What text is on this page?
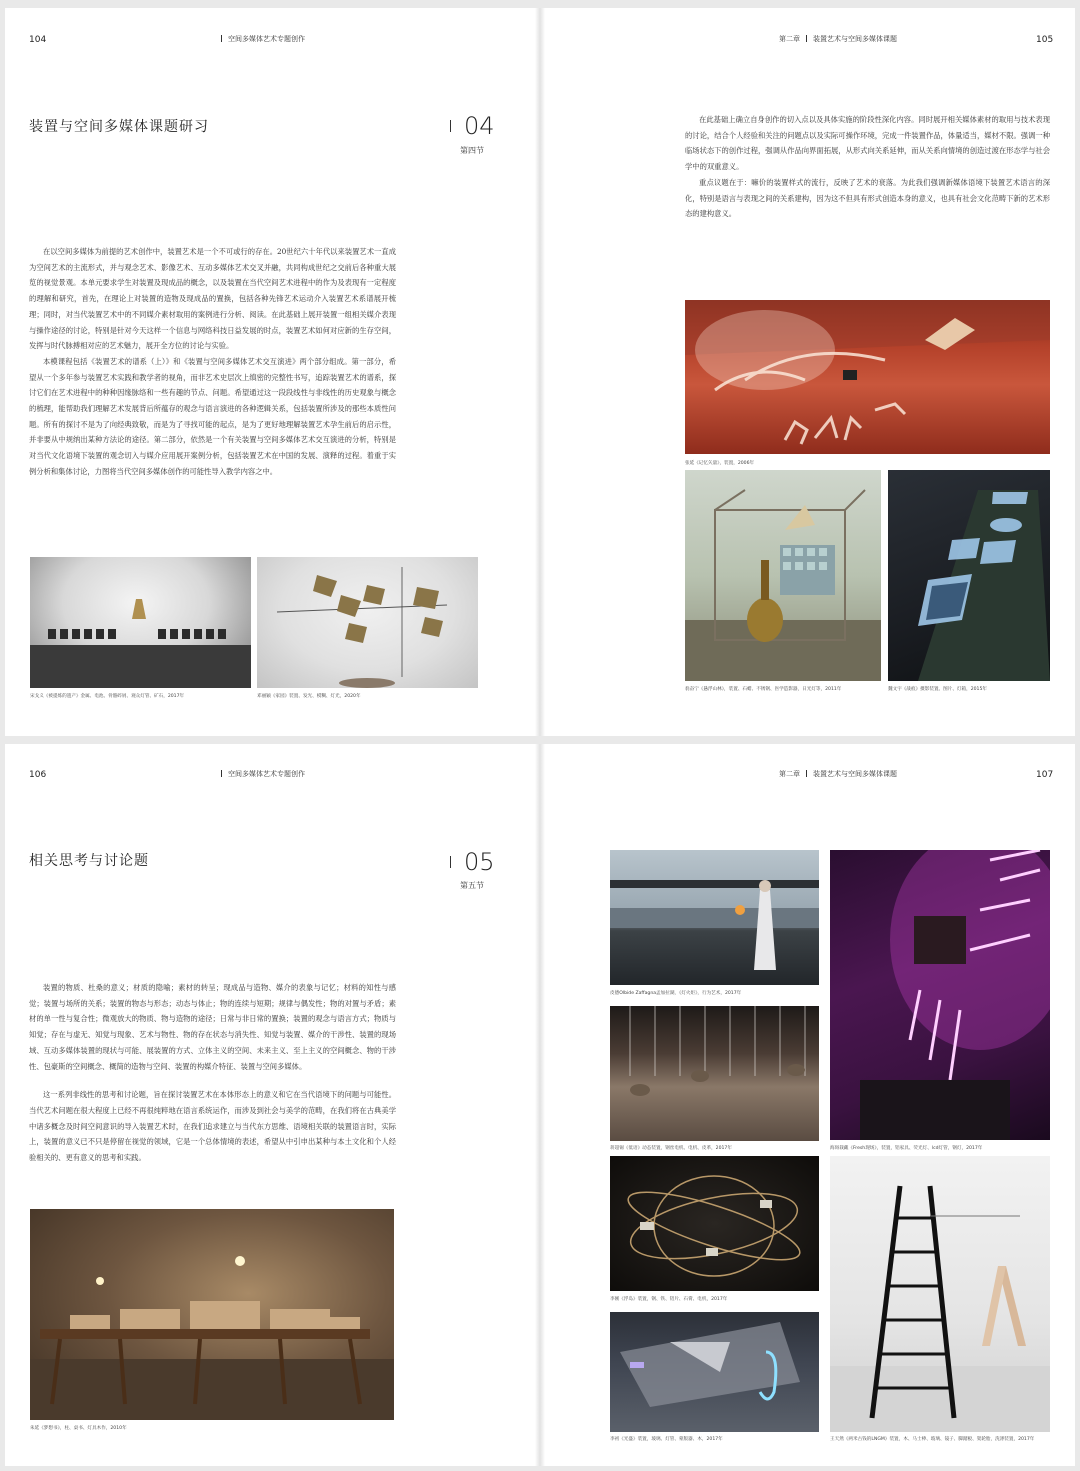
104	空间多媒体艺术专题创作	第二章 装置艺术与空间多媒体课题	105
装置与空间多媒体课题研习	04
第四节

在以空间多媒体为前提的艺术创作中，装置艺术是一个不可或行的存在。20世纪六十年代以来装置艺术一直成为空间艺术的主流形式，并与观念艺术、影像艺术、互动多媒体艺术交叉并融，共同构成世纪之交前后各种重大展览的视觉景观。本单元要求学生对装置及现成品的概念，以及装置在当代空间艺术进程中的作为及表现有一定程度的理解和研究，首先，在理论上对装置的造物及现成品的置换，包括各种先锋艺术运动介入装置艺术系谱展开梳理；同时，对当代装置艺术中的不同媒介素材取用的案例进行分析、阅读。在此基础上展开装置一组相关媒介表现与操作途径的讨论，特别是针对今天这样一个信息与网络科技日益发展的时点，装置艺术如何对应新的生存空间，发挥与时代脉搏相对应的艺术魅力，展开全方位的讨论与实验。

本模课程包括《装置艺术的谱系（上）》和《装置与空间多媒体艺术交互演进》两个部分组成。第一部分，希望从一个多年参与装置艺术实践和教学者的视角，而非艺术史层次上缜密的完整性书写，追踪装置艺术的谱系，探讨它们在艺术进程中的种种因缘脉络和一些有趣的节点、问题。希望通过这一段段线性与非线性的历史观象与概念的梳理，能帮助我们理解艺术发展背后所蕴存的观念与语言演进的各种逻辑关系，包括装置所涉及的那些本质性问题。所有的探讨不是为了向经典致敬，而是为了寻找可能的起点，是为了更好地理解装置艺术孕生前后的启示性，并非要从中规纳出某种方法论的途径。第二部分，依然是一个有关装置与空间多媒体艺术交互演进的分析，特别是对当代文化语境下装置的观念切入与媒介应用展开案例分析，包括装置艺术在中国的发展、演释的过程。着重于实例分析和集体讨论，力图将当代空间多媒体创作的可能性导入教学内容之中。

在此基础上确立自身创作的切入点以及具体实施的阶段性深化内容。同时展开相关媒体素材的取用与技术表现的讨论，结合个人经验和关注的问题点以及实际可操作环境，完成一件装置作品，体量适当，媒材不限。强调一种临场状态下的创作过程，强调从作品向界面拓展，从形式向关系延伸，而从关系向情境的创造过渡在形态学与社会学中的双重意义。

重点议题在于：嘛价的装置样式的流行，反映了艺术的衰落。为此我们强调新媒体语境下装置艺术语言的深化，特别是语言与表现之间的关系建构，因为这不但具有形式创造本身的意义，也具有社会文化范畴下新的艺术形态的建构意义。

宋戈义《被提炼的遗产》金属、电池、骨骼碎屑、观众灯管、矿石，2017年	邓丽颖《家园》装置、发光、模糊、灯光，2020年
张延《记忆矢量》，装置，2006年
翁奋宁《悬浮山林》，装置、石蜡、不锈钢、医学造影器，日光灯等，2011年	魏文宇《战痕》摄影装置、图片、灯箱，2015年
106	空间多媒体艺术专题创作	第二章 装置艺术与空间多媒体课题	107
相关思考与讨论题	05
第五节

装置的物质、杜桑的意义；材质的隐喻；素材的转呈；现成品与造物、媒介的表象与记忆；材料的知性与感觉；装置与场所的关系；装置的物态与形态；动态与体止；物的连续与短期；规律与偶发性；物的对置与矛盾；素材的单一性与复合性；微观放大的物质、物与造物的途径；日常与非日常的置换；装置的观念与语言方式；物质与知觉；存在与虚无、知觉与现象、艺术与物性、物的存在状态与消失性、知觉与装置、媒介的干涉性、装置的现场域、互动多媒体装置的现状与可能、展装置的方式、立体主义的空间、未来主义、至上主义的空间概念、物的干涉性、包豪斯的空间概念、概简的造物与空间、装置的构媒介特征、装置与空间多媒体。

这一系列非线性的思考和讨论题，旨在探讨装置艺术在本体形态上的意义和它在当代语境下的问题与可能性。当代艺术问题在很大程度上已经不再很纯粹地在语言系统运作，而涉及到社会与美学的范畴，在我们将在古典美学中诸多概念及时间空间意识的导入装置艺术时，在我们追求建立与当代东方思维、语境相关联的装置语言时，实际上，装置的意义已不只是停留在视觉的领域，它是一个总体情境的表述，希望从中引申出某种与本土文化和个人经验相关的、更有意义的思考和实践。

朱延《梦想书》，柱、桌书、灯具木作，2010年
皮德Olbide Zaffagna孟加拉湖，《灯火炬》，行为艺术，2017年
蒋超锡《低语》动态装置，钢丝电机、电机、皮革，2017年
李刚《浮岛》装置，钢、铁、铝片、石膏、电机，2017年
李初《光盛》装置，玻璃、灯管、蒙版器、木，2017年
海斑栽藏《Fresh现场》，装置，铝家具、荧光灯、lcd灯管，钢灯，2017年
王天然《两米古钱的LNGM》装置，木、马士棒、玻璃、镜子、脚踏板、架轮胎，洗涤装置，2017年
